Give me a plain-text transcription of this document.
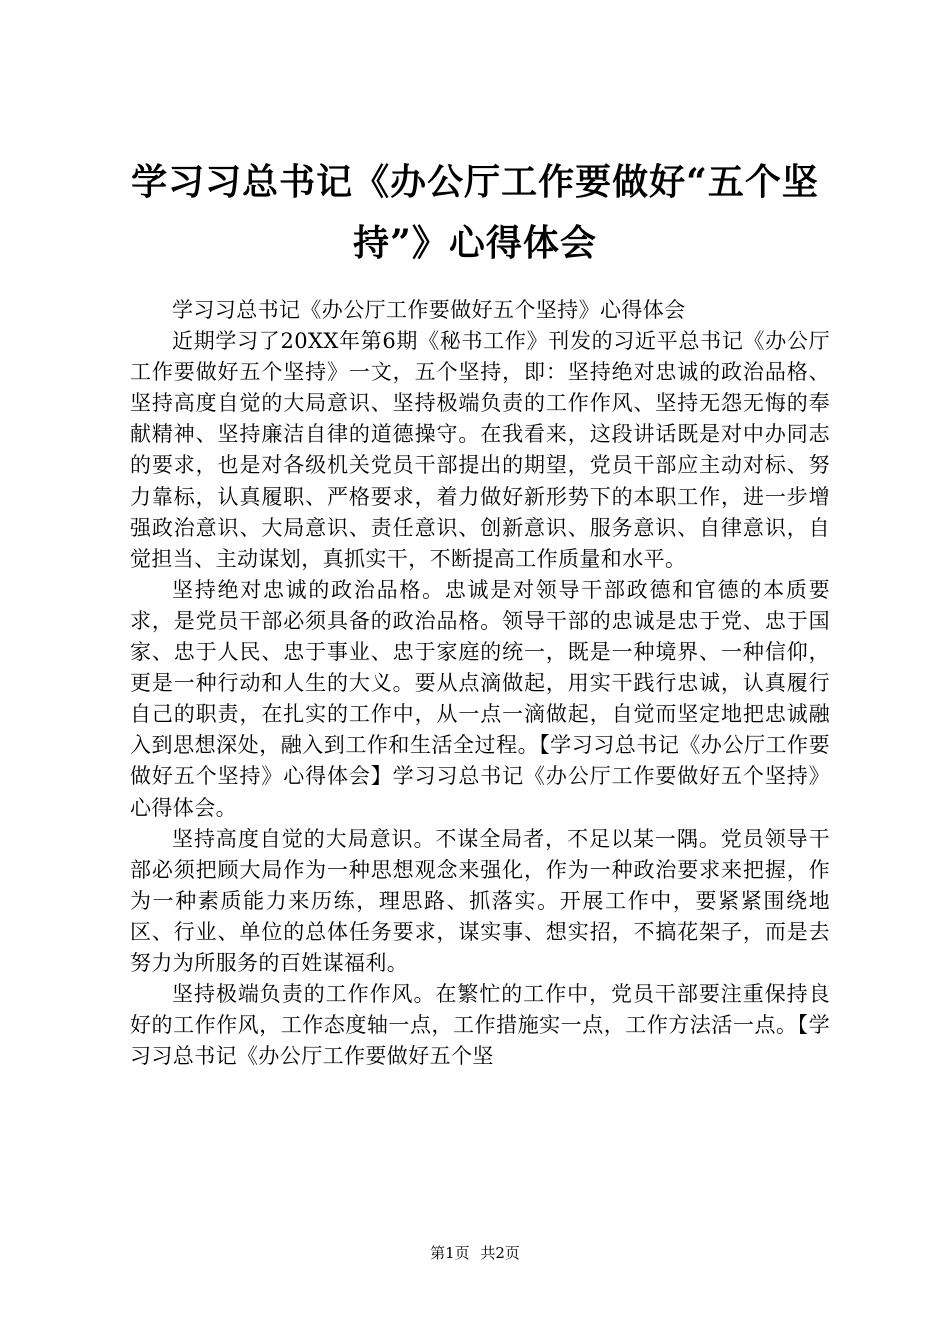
学习习总书记《办公厅工作要做好“五个坚
持”》心得体会

学习习总书记《办公厅工作要做好五个坚持》心得体会

近期学习了20XX年第6期《秘书工作》刊发的习近平总书记《办公厅工作要做好五个坚持》一文，五个坚持，即：坚持绝对忠诚的政治品格、坚持高度自觉的大局意识、坚持极端负责的工作作风、坚持无怨无悔的奉献精神、坚持廉洁自律的道德操守。在我看来，这段讲话既是对中办同志的要求，也是对各级机关党员干部提出的期望，党员干部应主动对标、努力靠标，认真履职、严格要求，着力做好新形势下的本职工作，进一步增强政治意识、大局意识、责任意识、创新意识、服务意识、自律意识，自觉担当、主动谋划，真抓实干，不断提高工作质量和水平。

坚持绝对忠诚的政治品格。忠诚是对领导干部政德和官德的本质要求，是党员干部必须具备的政治品格。领导干部的忠诚是忠于党、忠于国家、忠于人民、忠于事业、忠于家庭的统一，既是一种境界、一种信仰，更是一种行动和人生的大义。要从点滴做起，用实干践行忠诚，认真履行自己的职责，在扎实的工作中，从一点一滴做起，自觉而坚定地把忠诚融入到思想深处，融入到工作和生活全过程。【学习习总书记《办公厅工作要做好五个坚持》心得体会】学习习总书记《办公厅工作要做好五个坚持》心得体会。

坚持高度自觉的大局意识。不谋全局者，不足以某一隅。党员领导干部必须把顾大局作为一种思想观念来强化，作为一种政治要求来把握，作为一种素质能力来历练，理思路、抓落实。开展工作中，要紧紧围绕地区、行业、单位的总体任务要求，谋实事、想实招，不搞花架子，而是去努力为所服务的百姓谋福利。

坚持极端负责的工作作风。在繁忙的工作中，党员干部要注重保持良好的工作作风，工作态度轴一点，工作措施实一点，工作方法活一点。【学习习总书记《办公厅工作要做好五个坚

第1页 共2页
